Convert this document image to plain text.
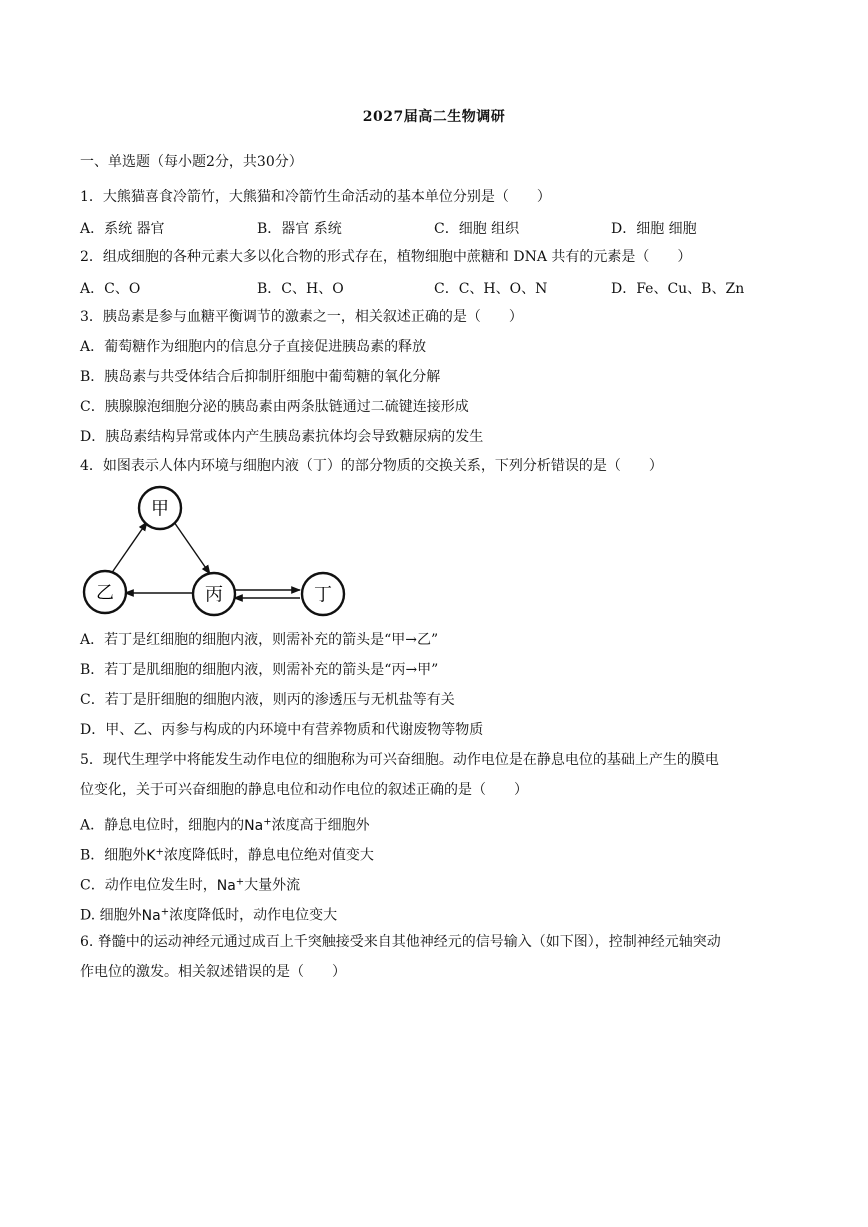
2027届高二生物调研
一、单选题（每小题2分，共30分）
1．大熊猫喜食冷箭竹，大熊猫和冷箭竹生命活动的基本单位分别是（　　）
A．系统 器官	B．器官 系统	C．细胞 组织	D．细胞 细胞
2．组成细胞的各种元素大多以化合物的形式存在，植物细胞中蔗糖和 DNA 共有的元素是（　　）
A．C、O	B．C、H、O	C．C、H、O、N	D．Fe、Cu、B、Zn
3．胰岛素是参与血糖平衡调节的激素之一，相关叙述正确的是（　　）
A．葡萄糖作为细胞内的信息分子直接促进胰岛素的释放
B．胰岛素与共受体结合后抑制肝细胞中葡萄糖的氧化分解
C．胰腺腺泡细胞分泌的胰岛素由两条肽链通过二硫键连接形成
D．胰岛素结构异常或体内产生胰岛素抗体均会导致糖尿病的发生
4．如图表示人体内环境与细胞内液（丁）的部分物质的交换关系，下列分析错误的是（　　）
甲
乙	丙	丁
A．若丁是红细胞的细胞内液，则需补充的箭头是“甲→乙”
B．若丁是肌细胞的细胞内液，则需补充的箭头是“丙→甲”
C．若丁是肝细胞的细胞内液，则丙的渗透压与无机盐等有关
D．甲、乙、丙参与构成的内环境中有营养物质和代谢废物等物质
5．现代生理学中将能发生动作电位的细胞称为可兴奋细胞。动作电位是在静息电位的基础上产生的膜电
位变化，关于可兴奋细胞的静息电位和动作电位的叙述正确的是（　　）
A．静息电位时，细胞内的Na+浓度高于细胞外
B．细胞外K+浓度降低时，静息电位绝对值变大
C．动作电位发生时，Na+大量外流
D. 细胞外Na+浓度降低时，动作电位变大
6. 脊髓中的运动神经元通过成百上千突触接受来自其他神经元的信号输入（如下图），控制神经元轴突动
作电位的激发。相关叙述错误的是（　　）
